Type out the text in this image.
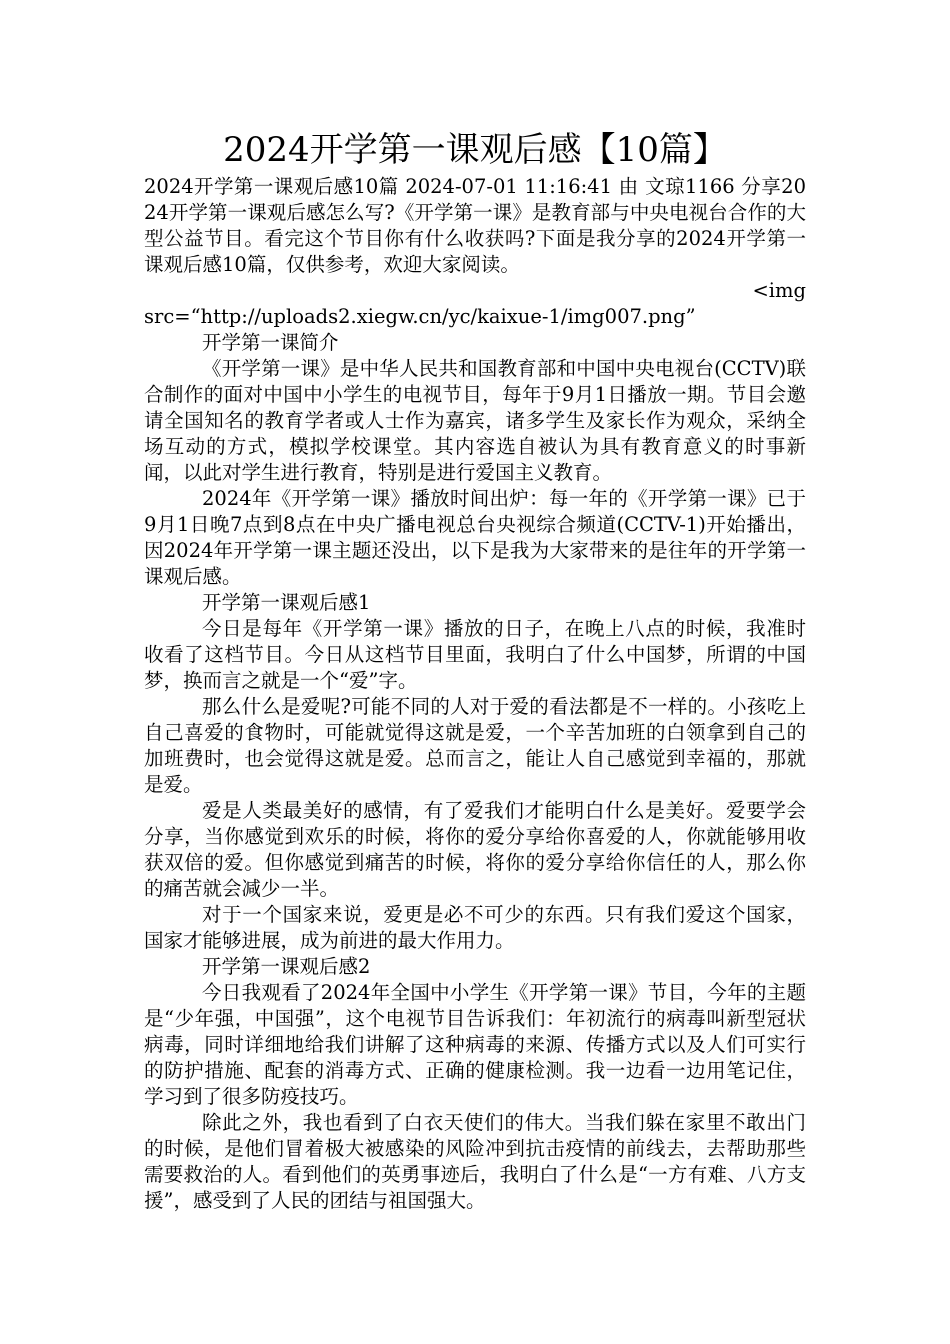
2024开学第一课观后感【10篇】

2024开学第一课观后感10篇 2024-07-01 11:16:41 由 文琼1166 分享2024开学第一课观后感怎么写?《开学第一课》是教育部与中央电视台合作的大型公益节目。看完这个节目你有什么收获吗?下面是我分享的2024开学第一课观后感10篇，仅供参考，欢迎大家阅读。

<img

src=“http://uploads2.xiegw.cn/yc/kaixue-1/img007.png”

开学第一课简介

《开学第一课》是中华人民共和国教育部和中国中央电视台(CCTV)联合制作的面对中国中小学生的电视节目，每年于9月1日播放一期。节目会邀请全国知名的教育学者或人士作为嘉宾，诸多学生及家长作为观众，采纳全场互动的方式，模拟学校课堂。其内容选自被认为具有教育意义的时事新闻，以此对学生进行教育，特别是进行爱国主义教育。

2024年《开学第一课》播放时间出炉：每一年的《开学第一课》已于9月1日晚7点到8点在中央广播电视总台央视综合频道(CCTV-1)开始播出，因2024年开学第一课主题还没出，以下是我为大家带来的是往年的开学第一课观后感。

开学第一课观后感1

今日是每年《开学第一课》播放的日子，在晚上八点的时候，我准时收看了这档节目。今日从这档节目里面，我明白了什么中国梦，所谓的中国梦，换而言之就是一个“爱”字。

那么什么是爱呢?可能不同的人对于爱的看法都是不一样的。小孩吃上自己喜爱的食物时，可能就觉得这就是爱，一个辛苦加班的白领拿到自己的加班费时，也会觉得这就是爱。总而言之，能让人自己感觉到幸福的，那就是爱。

爱是人类最美好的感情，有了爱我们才能明白什么是美好。爱要学会分享，当你感觉到欢乐的时候，将你的爱分享给你喜爱的人，你就能够用收获双倍的爱。但你感觉到痛苦的时候，将你的爱分享给你信任的人，那么你的痛苦就会减少一半。

对于一个国家来说，爱更是必不可少的东西。只有我们爱这个国家，国家才能够进展，成为前进的最大作用力。

开学第一课观后感2

今日我观看了2024年全国中小学生《开学第一课》节目，今年的主题是“少年强，中国强”，这个电视节目告诉我们：年初流行的病毒叫新型冠状病毒，同时详细地给我们讲解了这种病毒的来源、传播方式以及人们可实行的防护措施、配套的消毒方式、正确的健康检测。我一边看一边用笔记住，学习到了很多防疫技巧。

除此之外，我也看到了白衣天使们的伟大。当我们躲在家里不敢出门的时候，是他们冒着极大被感染的风险冲到抗击疫情的前线去，去帮助那些需要救治的人。看到他们的英勇事迹后，我明白了什么是“一方有难、八方支援”，感受到了人民的团结与祖国强大。
